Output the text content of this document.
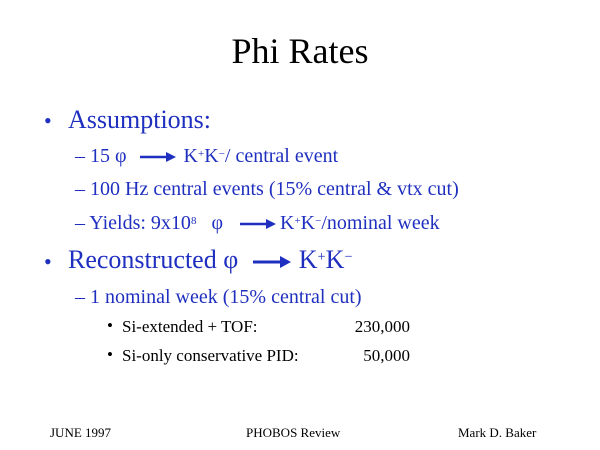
Phi Rates
• Assumptions:
– 15 φ	K+K−/ central event
– 100 Hz central events (15% central & vtx cut)
– Yields: $9x10^8$ φ	K+K−/nominal week
• Reconstructed φ K+K−
– 1 nominal week (15% central cut)
• Si-extended + TOF:	230,000
• Si-only conservative PID:	50,000
JUNE 1997	PHOBOS Review	Mark D. Baker
